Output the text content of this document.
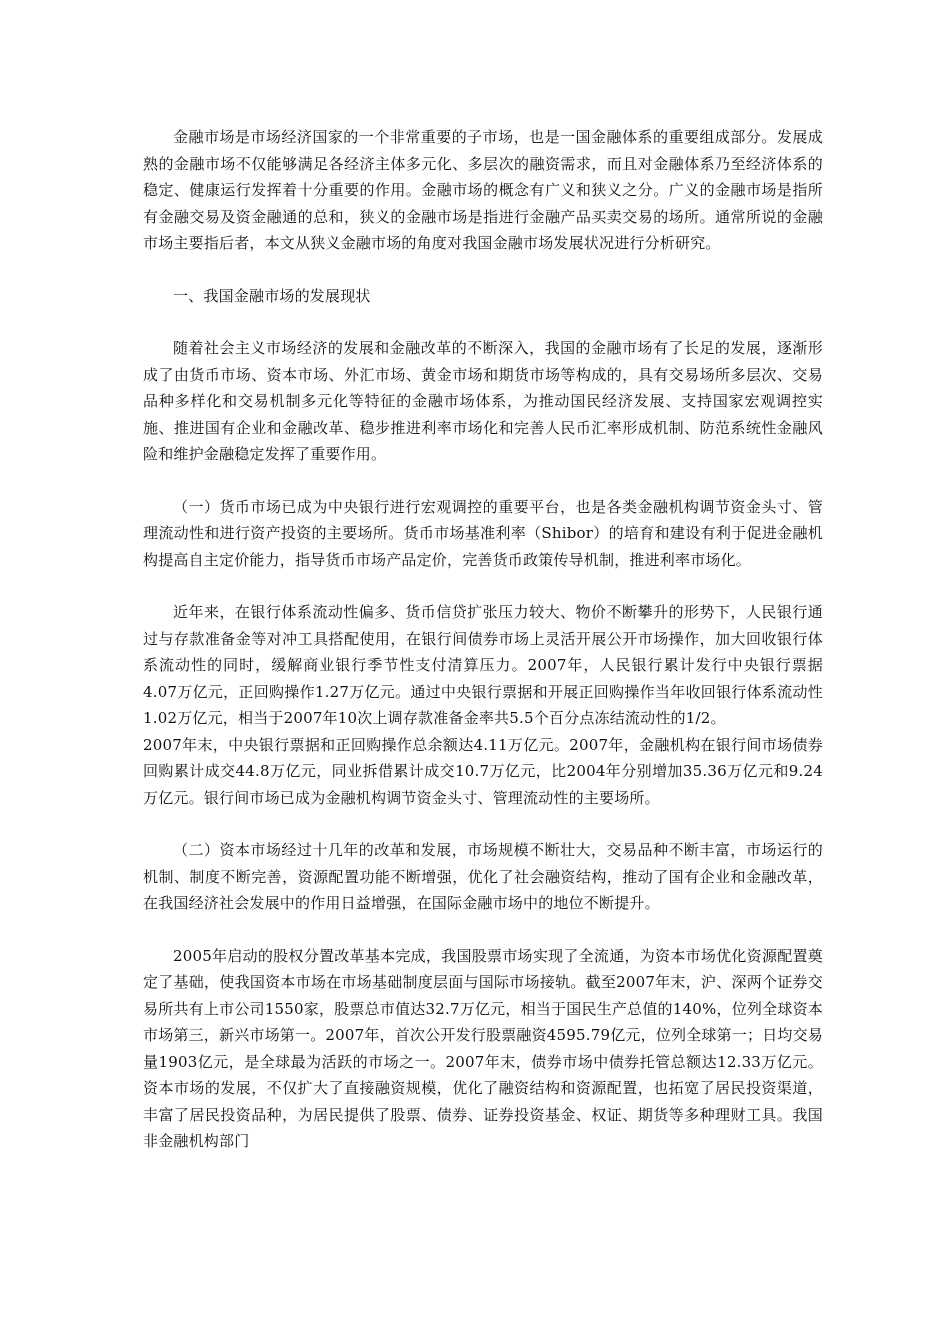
金融市场是市场经济国家的一个非常重要的子市场，也是一国金融体系的重要组成部分。发展成熟的金融市场不仅能够满足各经济主体多元化、多层次的融资需求，而且对金融体系乃至经济体系的稳定、健康运行发挥着十分重要的作用。金融市场的概念有广义和狭义之分。广义的金融市场是指所有金融交易及资金融通的总和，狭义的金融市场是指进行金融产品买卖交易的场所。通常所说的金融市场主要指后者，本文从狭义金融市场的角度对我国金融市场发展状况进行分析研究。

一、我国金融市场的发展现状

随着社会主义市场经济的发展和金融改革的不断深入，我国的金融市场有了长足的发展，逐渐形成了由货币市场、资本市场、外汇市场、黄金市场和期货市场等构成的，具有交易场所多层次、交易品种多样化和交易机制多元化等特征的金融市场体系，为推动国民经济发展、支持国家宏观调控实施、推进国有企业和金融改革、稳步推进利率市场化和完善人民币汇率形成机制、防范系统性金融风险和维护金融稳定发挥了重要作用。

（一）货币市场已成为中央银行进行宏观调控的重要平台，也是各类金融机构调节资金头寸、管理流动性和进行资产投资的主要场所。货币市场基准利率（Shibor）的培育和建设有利于促进金融机构提高自主定价能力，指导货币市场产品定价，完善货币政策传导机制，推进利率市场化。

近年来，在银行体系流动性偏多、货币信贷扩张压力较大、物价不断攀升的形势下，人民银行通过与存款准备金等对冲工具搭配使用，在银行间债券市场上灵活开展公开市场操作，加大回收银行体系流动性的同时，缓解商业银行季节性支付清算压力。2007年，人民银行累计发行中央银行票据4.07万亿元，正回购操作1.27万亿元。通过中央银行票据和开展正回购操作当年收回银行体系流动性1.02万亿元，相当于2007年10次上调存款准备金率共5.5个百分点冻结流动性的1/2。

2007年末，中央银行票据和正回购操作总余额达4.11万亿元。2007年，金融机构在银行间市场债券回购累计成交44.8万亿元，同业拆借累计成交10.7万亿元，比2004年分别增加35.36万亿元和9.24万亿元。银行间市场已成为金融机构调节资金头寸、管理流动性的主要场所。

（二）资本市场经过十几年的改革和发展，市场规模不断壮大，交易品种不断丰富，市场运行的机制、制度不断完善，资源配置功能不断增强，优化了社会融资结构，推动了国有企业和金融改革，在我国经济社会发展中的作用日益增强，在国际金融市场中的地位不断提升。

2005年启动的股权分置改革基本完成，我国股票市场实现了全流通，为资本市场优化资源配置奠定了基础，使我国资本市场在市场基础制度层面与国际市场接轨。截至2007年末，沪、深两个证券交易所共有上市公司1550家，股票总市值达32.7万亿元，相当于国民生产总值的140%，位列全球资本市场第三，新兴市场第一。2007年，首次公开发行股票融资4595.79亿元，位列全球第一；日均交易量1903亿元，是全球最为活跃的市场之一。2007年末，债券市场中债券托管总额达12.33万亿元。资本市场的发展，不仅扩大了直接融资规模，优化了融资结构和资源配置，也拓宽了居民投资渠道，丰富了居民投资品种，为居民提供了股票、债券、证券投资基金、权证、期货等多种理财工具。我国非金融机构部门
